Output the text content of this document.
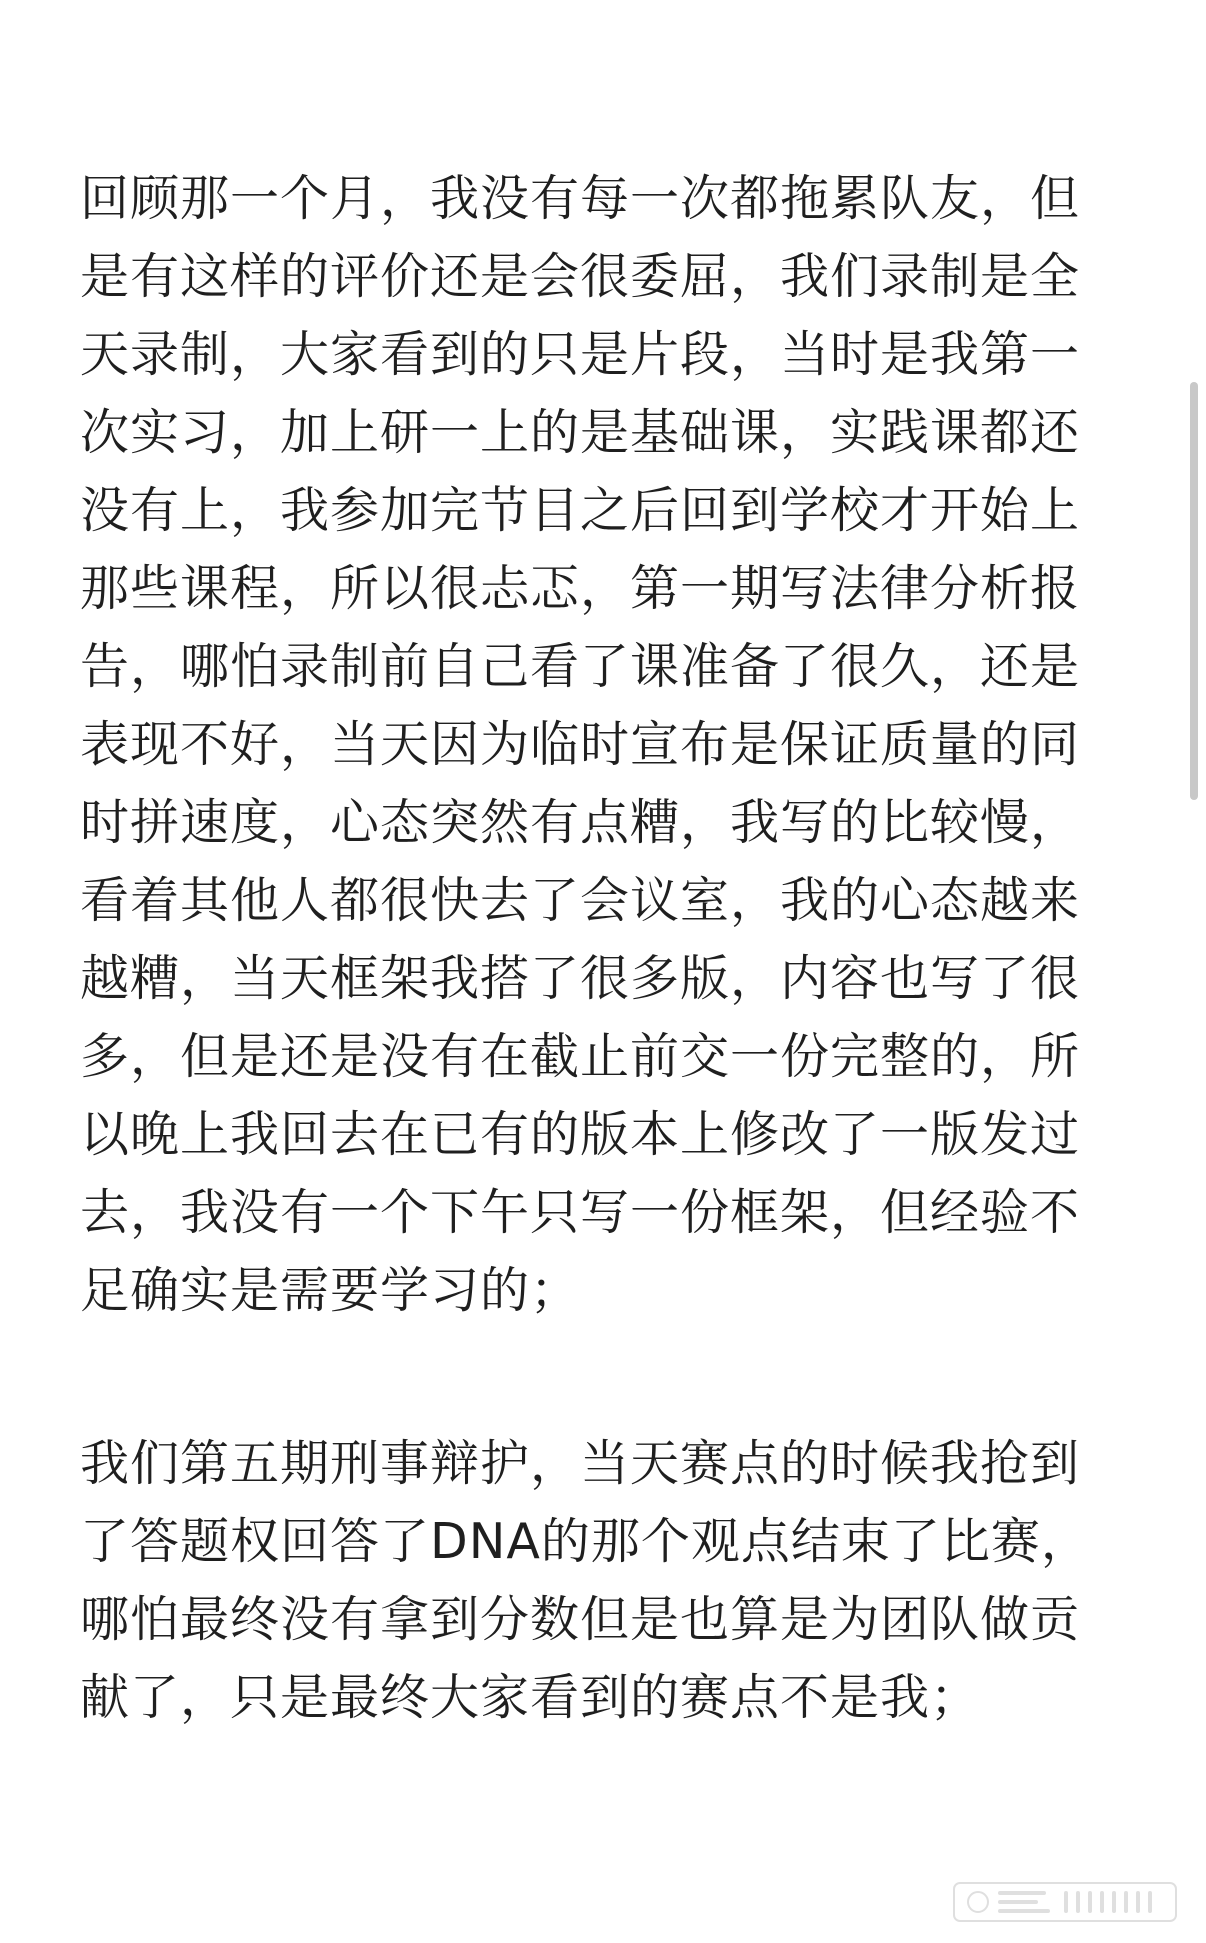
回顾那一个月，我没有每一次都拖累队友，但
是有这样的评价还是会很委屈，我们录制是全
天录制，大家看到的只是片段，当时是我第一
次实习，加上研一上的是基础课，实践课都还
没有上，我参加完节目之后回到学校才开始上
那些课程，所以很忐忑，第一期写法律分析报
告，哪怕录制前自己看了课准备了很久，还是
表现不好，当天因为临时宣布是保证质量的同
时拼速度，心态突然有点糟，我写的比较慢，
看着其他人都很快去了会议室，我的心态越来
越糟，当天框架我搭了很多版，内容也写了很
多，但是还是没有在截止前交一份完整的，所
以晚上我回去在已有的版本上修改了一版发过
去，我没有一个下午只写一份框架，但经验不
足确实是需要学习的；
我们第五期刑事辩护，当天赛点的时候我抢到
了答题权回答了DNA的那个观点结束了比赛，
哪怕最终没有拿到分数但是也算是为团队做贡
献了，只是最终大家看到的赛点不是我；
